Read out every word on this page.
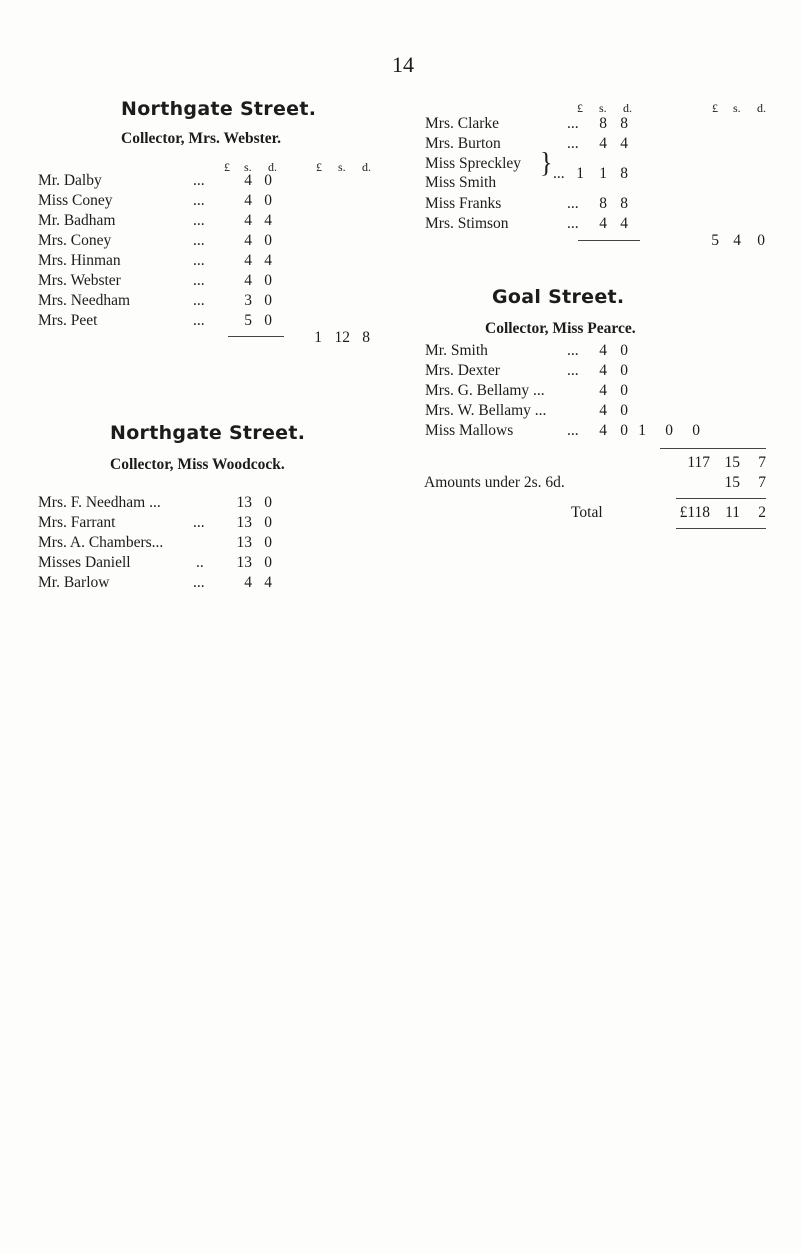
14
Northgate Street.
Collector, Mrs. Webster.
£ s. d.	£ s. d.
Mr. Dalby	...	4 0
Miss Coney	...	4 0
Mr. Badham	...	4 4
Mrs. Coney	...	4 0
Mrs. Hinman	...	4 4
Mrs. Webster	...	4 0
Mrs. Needham	...	3 0
Mrs. Peet	...	5 0
1 12 8
Northgate Street.
Collector, Miss Woodcock.
Mrs. F. Needham ...	13 0
Mrs. Farrant	...	13 0
Mrs. A. Chambers...	13 0
Misses Daniell	..	13 0
Mr. Barlow	...	4 4
£ s. d.	£ s. d.
Mrs. Clarke	...	8 8
Mrs. Burton	...	4 4
Miss Spreckley
Miss Smith
} ... 1 1 8
Miss Franks	...	8 8
Mrs. Stimson	...	4 4
5 4	0
Goal Street.
Collector, Miss Pearce.
Mr. Smith	...	4 0
Mrs. Dexter	...	4 0
Mrs. G. Bellamy ...	4 0
Mrs. W. Bellamy ...	4 0
Miss Mallows	...	4 0 1	0	0
117 15	7
Amounts under 2s. 6d.	15	7
Total	£118 11	2
